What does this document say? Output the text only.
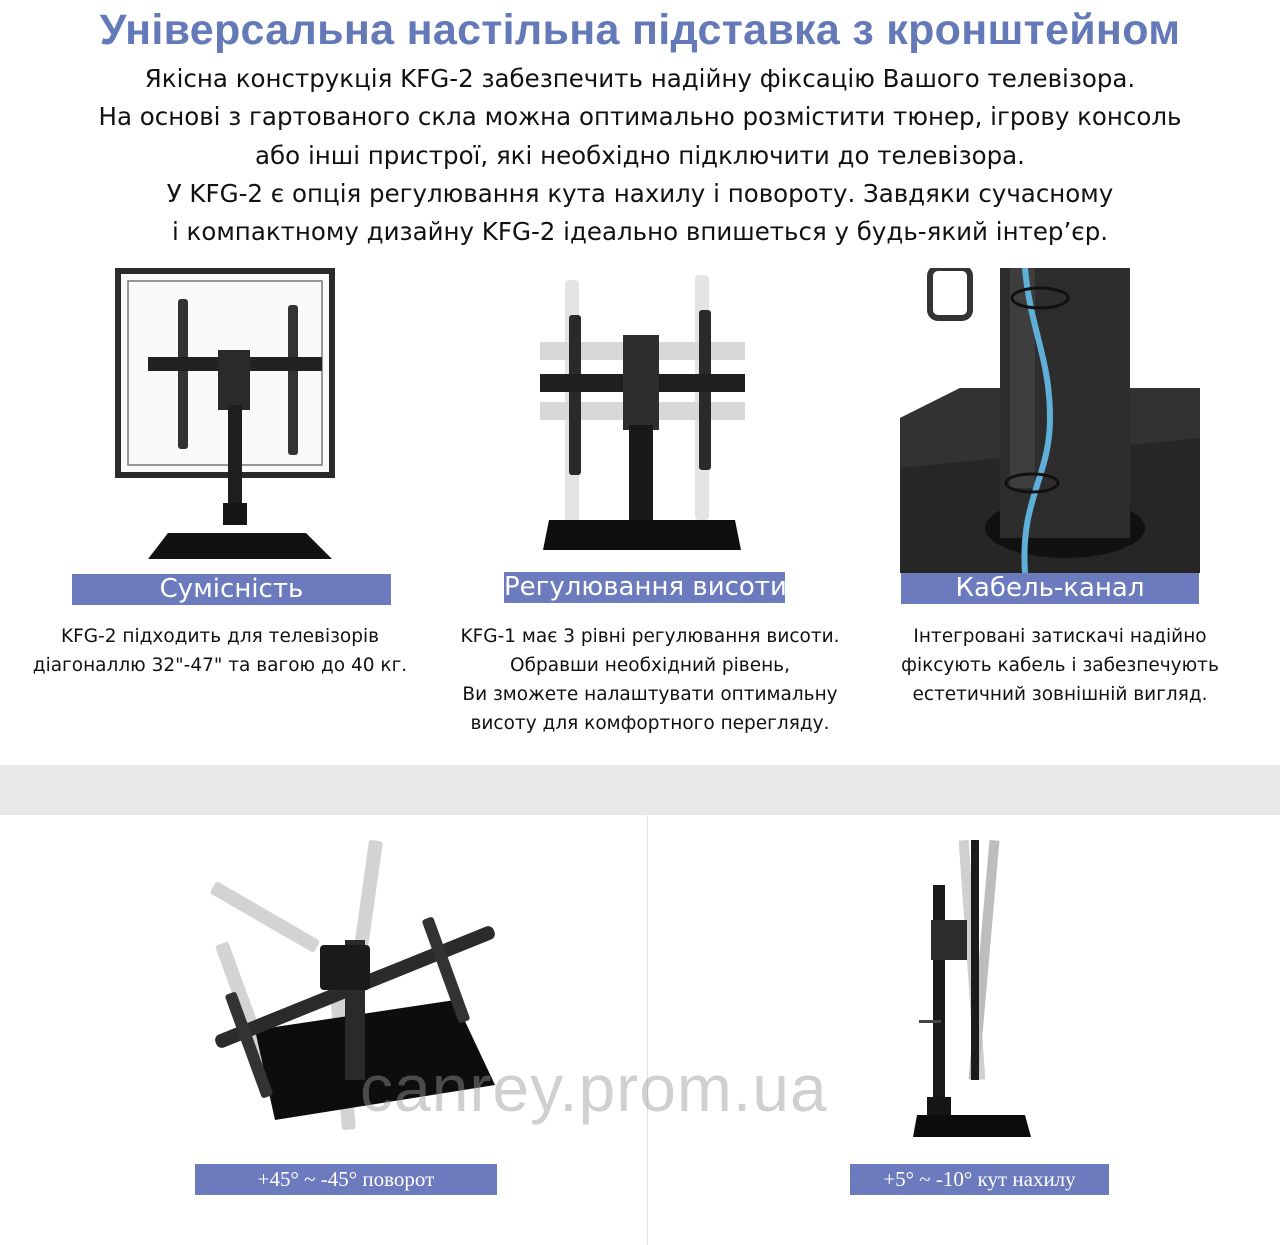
Універсальна настільна підставка з кронштейном
Якісна конструкція KFG-2 забезпечить надійну фіксацію Вашого телевізора.
На основі з гартованого скла можна оптимально розмістити тюнер, ігрову консоль
або інші пристрої, які необхідно підключити до телевізора.
У KFG-2 є опція регулювання кута нахилу і повороту. Завдяки сучасному
і компактному дизайну KFG-2 ідеально впишеться у будь-який інтер’єр.
Сумісність	Регулювання висоти	Кабель-канал
KFG-2 підходить для телевізорів
діагоналлю 32"-47" та вагою до 40 кг.
KFG-1 має 3 рівні регулювання висоти.
Обравши необхідний рівень,
Ви зможете налаштувати оптимальну
висоту для комфортного перегляду.
Інтегровані затискачі надійно
фіксують кабель і забезпечують
естетичний зовнішній вигляд.
+45° ~ -45° поворот	+5° ~ -10° кут нахилу
canrey.prom.ua
